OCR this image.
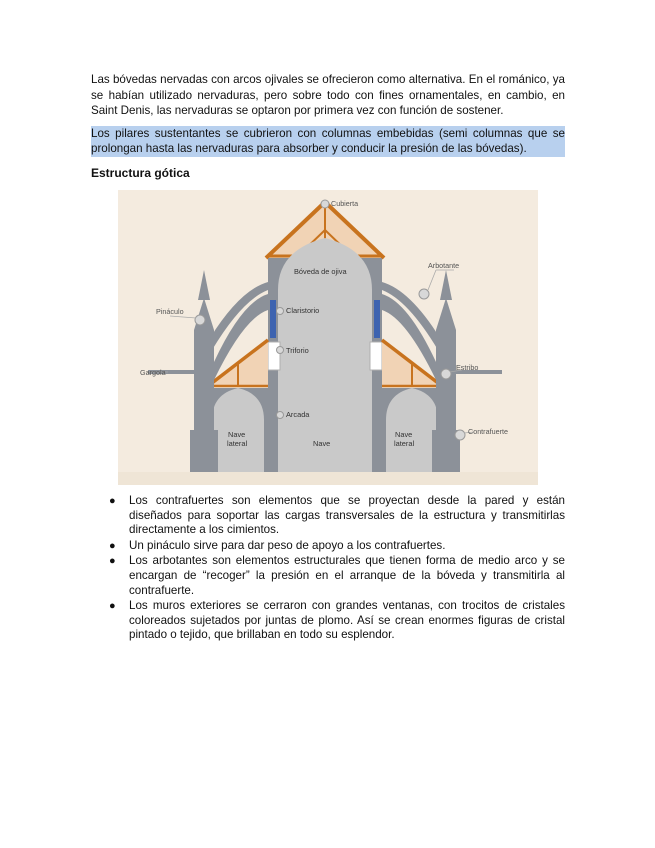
Las bóvedas nervadas con arcos ojivales se ofrecieron como alternativa. En el románico, ya se habían utilizado nervaduras, pero sobre todo con fines ornamentales, en cambio, en Saint Denis, las nervaduras se optaron por primera vez con función de sostener.

Los pilares sustentantes se cubrieron con columnas embebidas (semi columnas que se prolongan hasta las nervaduras para absorber y conducir la presión de las bóvedas).

Estructura gótica

Cubierta
Bóveda de ojiva
Arbotante
Pináculo	Claristorio
Triforio
Gargola
Estribo
Arcada
Nave
Nave
lateral
Nave
lateral
Contrafuerte
● Los contrafuertes son elementos que se proyectan desde la pared y están diseñados para soportar las cargas transversales de la estructura y transmitirlas directamente a los cimientos.
● Un pináculo sirve para dar peso de apoyo a los contrafuertes.
● Los arbotantes son elementos estructurales que tienen forma de medio arco y se encargan de “recoger” la presión en el arranque de la bóveda y transmitirla al contrafuerte.
● Los muros exteriores se cerraron con grandes ventanas, con trocitos de cristales coloreados sujetados por juntas de plomo. Así se crean enormes figuras de cristal pintado o tejido, que brillaban en todo su esplendor.
